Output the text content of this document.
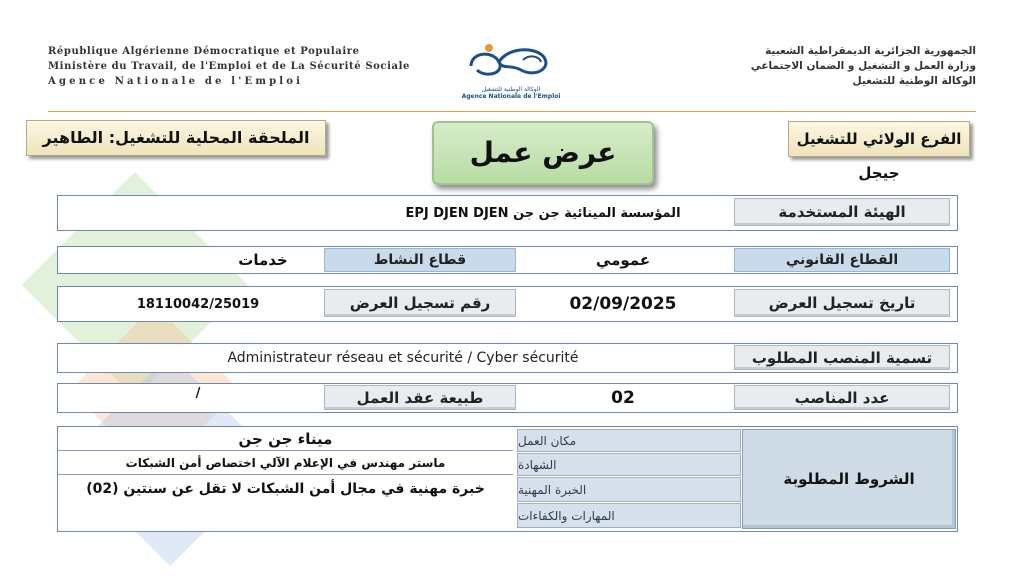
République Algérienne Démocratique et Populaire
Ministère du Travail, de l'Emploi et de La Sécurité Sociale
Agence Nationale de l'Emploi
الوكالة الوطنية للتشغيل
Agence Nationale de l'Emploi
الجمهورية الجزائرية الديمقراطية الشعبية
وزارة العمل و التشغيل و الضمان الاجتماعي
الوكالة الوطنية للتشغيل
الملحقة المحلية للتشغيل: الطاهير	عرض عمل	الفرع الولائي للتشغيل جيجل
الهيئة المستخدمة
المؤسسة المينائية جن جن EPJ DJEN DJEN
القطاع القانوني
عمومي
قطاع النشاط
خدمات
تاريخ تسجيل العرض
02/09/2025
رقم تسجيل العرض
18110042/25019
تسمية المنصب المطلوب
Administrateur réseau et sécurité / Cyber sécurité
عدد المناصب
02
طبيعة عقد العمل
/
الشروط المطلوبة
مكان العمل
الشهادة
الخبرة المهنية
المهارات والكفاءات
ميناء جن جن
ماستر مهندس في الإعلام الآلي اختصاص أمن الشبكات
خبرة مهنية في مجال أمن الشبكات لا تقل عن سنتين (02)
